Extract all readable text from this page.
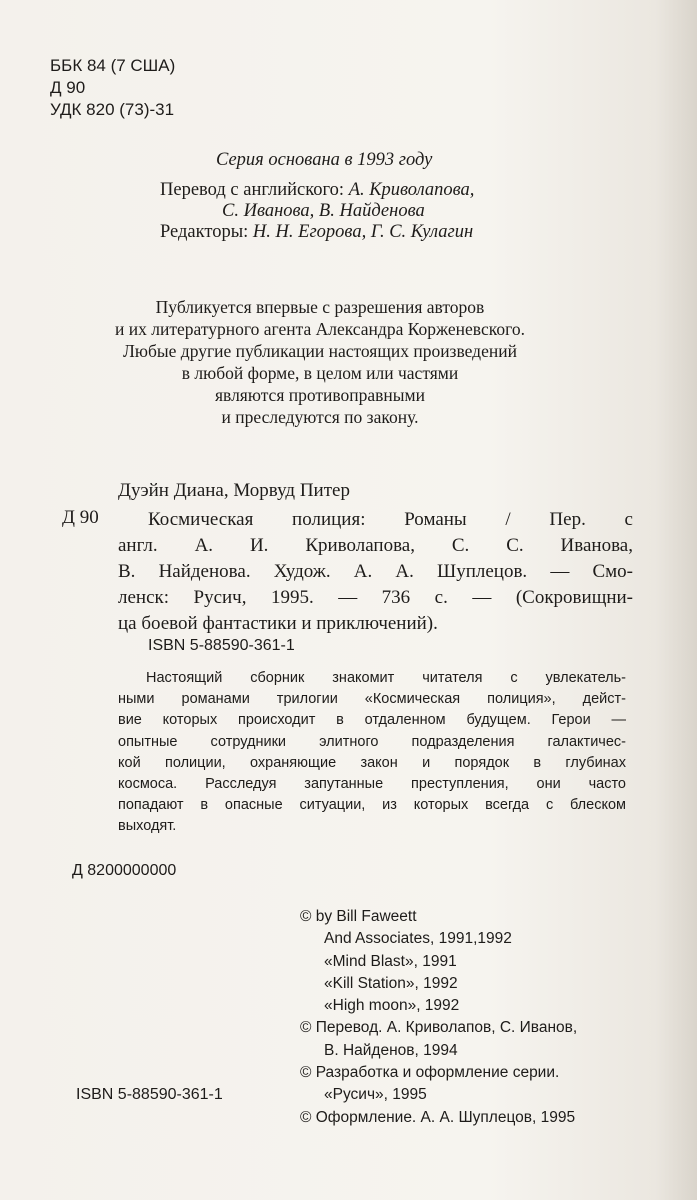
ББК 84 (7 США)
Д 90
УДК 820 (73)-31
Серия основана в 1993 году
Перевод с английского: А. Криволапова,
С. Иванова, В. Найденова
Редакторы: Н. Н. Егорова, Г. С. Кулагин
Публикуется впервые с разрешения авторов
и их литературного агента Александра Корженевского.
Любые другие публикации настоящих произведений
в любой форме, в целом или частями
являются противоправными
и преследуются по закону.
Дуэйн Диана, Морвуд Питер
Д 90	Космическая полиция: Романы / Пер. с
англ. А. И. Криволапова, С. С. Иванова,
В. Найденова. Худож. А. А. Шуплецов. — Смо-
ленск: Русич, 1995. — 736 с. — (Сокровищни-
ца боевой фантастики и приключений).
ISBN 5-88590-361-1
Настоящий сборник знакомит читателя с увлекатель-
ными романами трилогии «Космическая полиция», дейст-
вие которых происходит в отдаленном будущем. Герои —
опытные сотрудники элитного подразделения галактичес-
кой полиции, охраняющие закон и порядок в глубинах
космоса. Расследуя запутанные преступления, они часто
попадают в опасные ситуации, из которых всегда с блеском
выходят.
Д 8200000000
© by Bill Faweett
And Associates, 1991,1992
«Mind Blast», 1991
«Kill Station», 1992
«High moon», 1992
© Перевод. А. Криволапов, С. Иванов,
В. Найденов, 1994
© Разработка и оформление серии.
«Русич», 1995
© Оформление. А. А. Шуплецов, 1995
ISBN 5-88590-361-1
